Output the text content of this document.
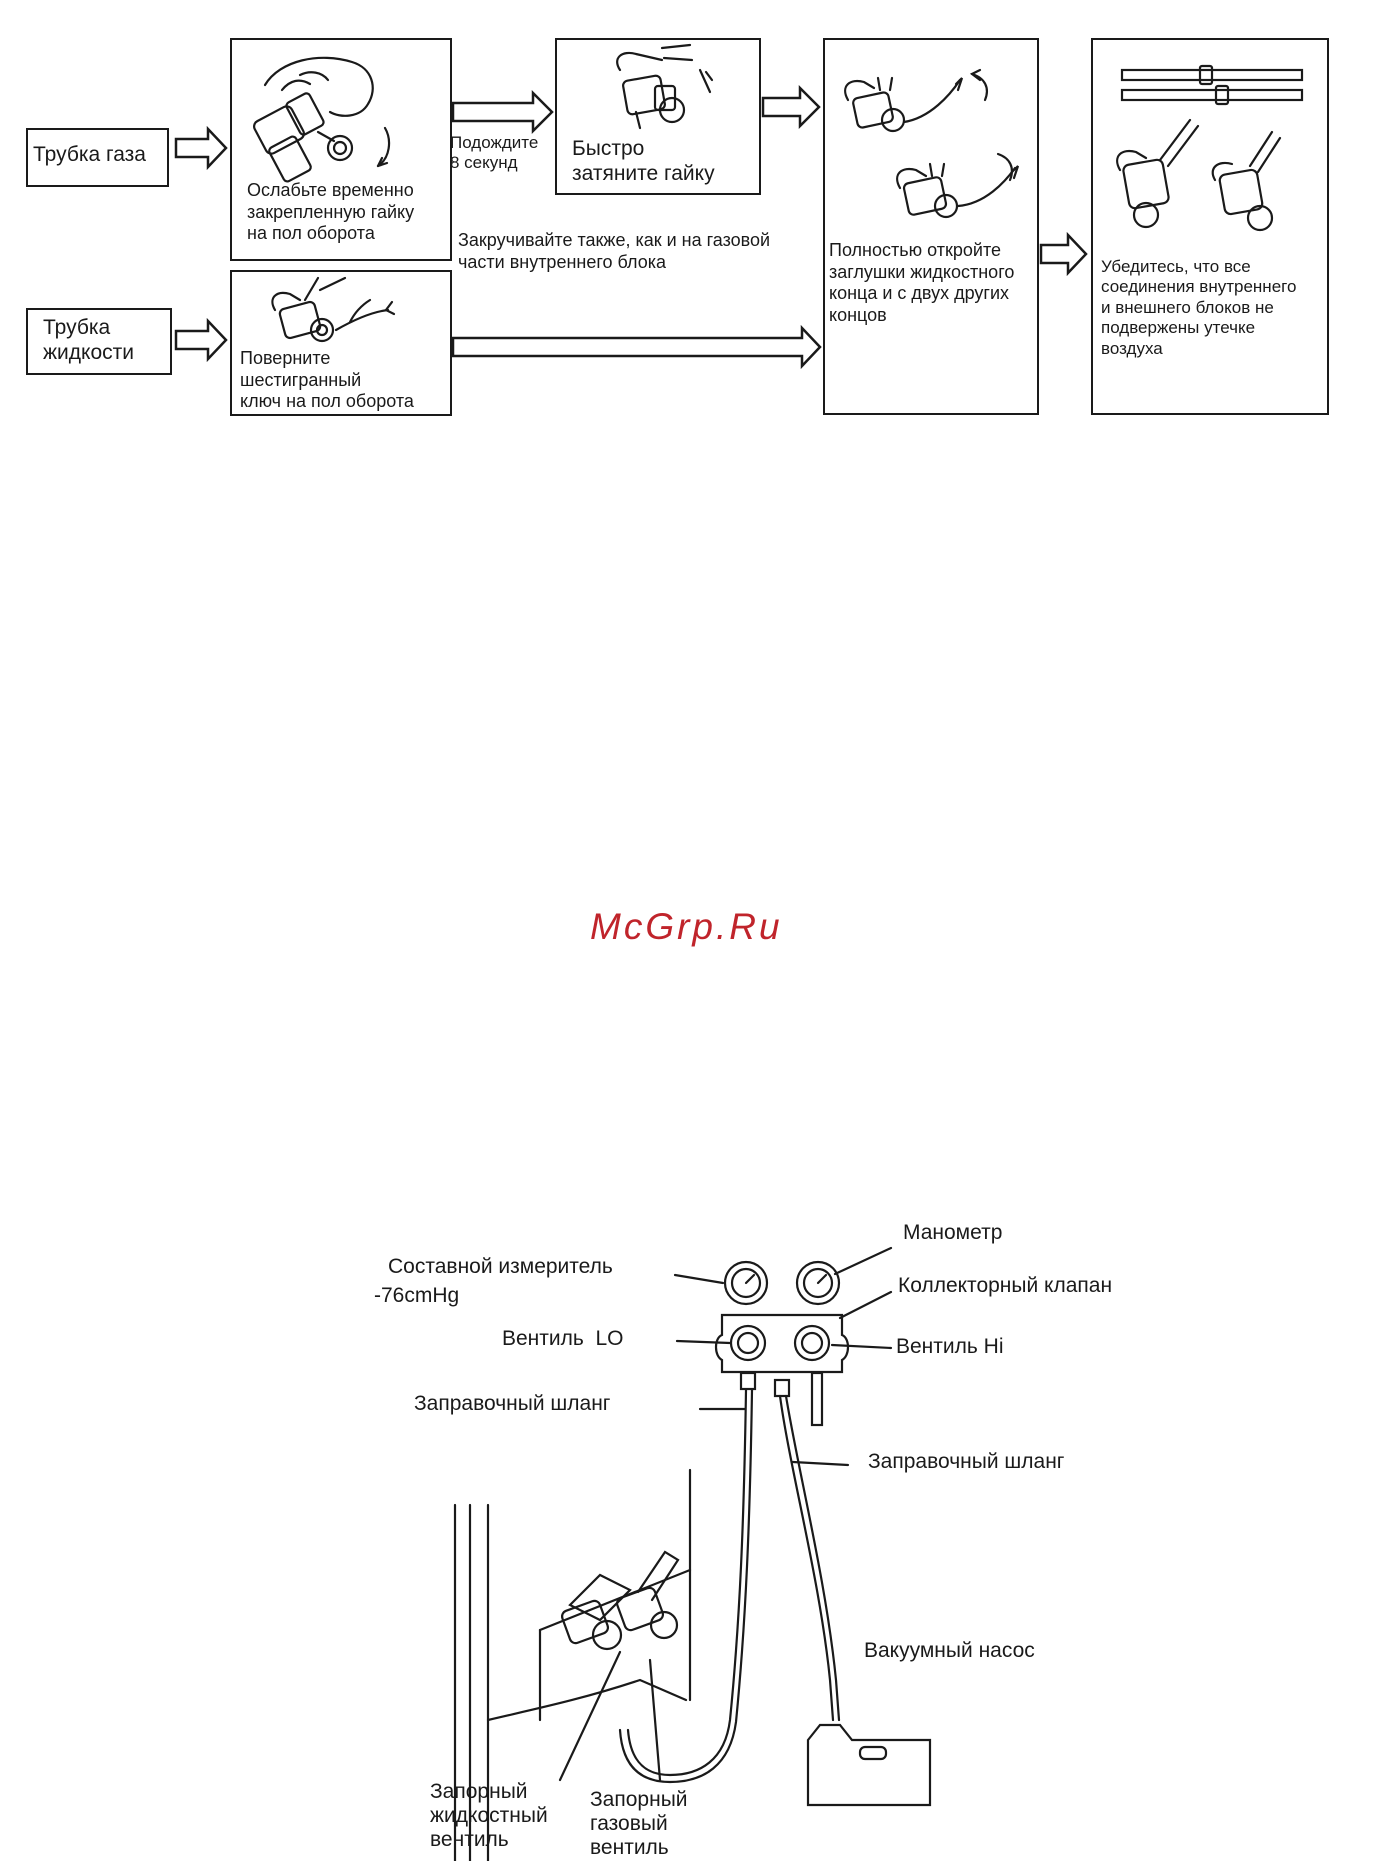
Трубка газа
Трубка
жидкости
Ослабьте временно
закрепленную гайку
на пол оборота
Подождите
8 секунд
Быстро
затяните гайку
Поверните
шестигранный
ключ на пол оборота
Закручивайте также, как и на газовой
части внутреннего блока
Полностью откройте
заглушки жидкостного
конца и с двух других
концов
Убедитесь, что все
соединения внутреннего
и внешнего блоков не
подвержены утечке
воздуха
McGrp.Ru
Составной измеритель
-76cmHg
Манометр
Коллекторный клапан
Вентиль  LO	Вентиль Hi
Заправочный шланг
Заправочный шланг
Вакуумный насос
Запорный
жидкостный
вентиль
Запорный
газовый
вентиль
